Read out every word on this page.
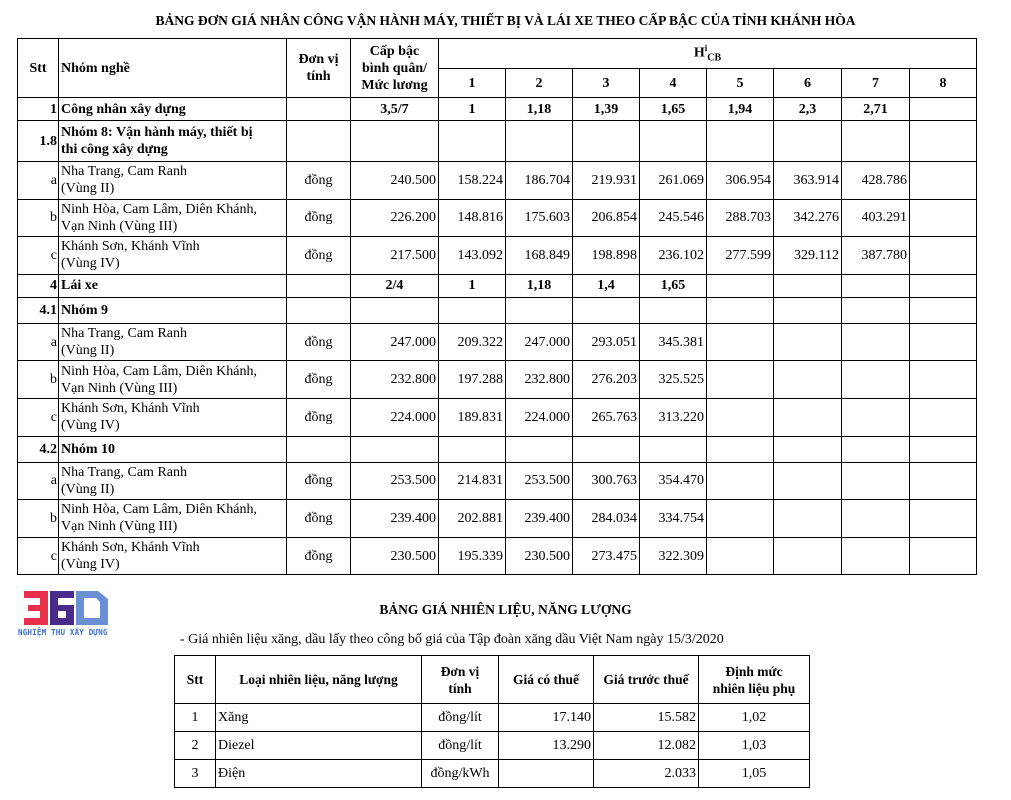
BẢNG ĐƠN GIÁ NHÂN CÔNG VẬN HÀNH MÁY, THIẾT BỊ VÀ LÁI XE THEO CẤP BẬC CỦA TỈNH KHÁNH HÒA
Stt	Nhóm nghề	Đơn vị
tính	Cấp bậc
bình quân/
Mức lương	$H^i_{CB}$
				1	2	3	4	5	6	7	8
1	Công nhân xây dựng		3,5/7	1	1,18	1,39	1,65	1,94	2,3	2,71	
1.8	Nhóm 8: Vận hành máy, thiết bị
thi công xây dựng										
a	Nha Trang, Cam Ranh
(Vùng II)	đồng	240.500	158.224	186.704	219.931	261.069	306.954	363.914	428.786	
b	Ninh Hòa, Cam Lâm, Diên Khánh,
Vạn Ninh (Vùng III)	đồng	226.200	148.816	175.603	206.854	245.546	288.703	342.276	403.291	
c	Khánh Sơn, Khánh Vĩnh
(Vùng IV)	đồng	217.500	143.092	168.849	198.898	236.102	277.599	329.112	387.780	
4	Lái xe		2/4	1	1,18	1,4	1,65				
4.1	Nhóm 9										
a	Nha Trang, Cam Ranh
(Vùng II)	đồng	247.000	209.322	247.000	293.051	345.381				
b	Ninh Hòa, Cam Lâm, Diên Khánh,
Vạn Ninh (Vùng III)	đồng	232.800	197.288	232.800	276.203	325.525				
c	Khánh Sơn, Khánh Vĩnh
(Vùng IV)	đồng	224.000	189.831	224.000	265.763	313.220				
4.2	Nhóm 10										
a	Nha Trang, Cam Ranh
(Vùng II)	đồng	253.500	214.831	253.500	300.763	354.470				
b	Ninh Hòa, Cam Lâm, Diên Khánh,
Vạn Ninh (Vùng III)	đồng	239.400	202.881	239.400	284.034	334.754				
c	Khánh Sơn, Khánh Vĩnh
(Vùng IV)	đồng	230.500	195.339	230.500	273.475	322.309				
NGHIỆM THU XÂY DỰNG
BẢNG GIÁ NHIÊN LIỆU, NĂNG LƯỢNG
- Giá nhiên liệu xăng, dầu lấy theo công bố giá của Tập đoàn xăng dầu Việt Nam ngày 15/3/2020
Stt	Loại nhiên liệu, năng lượng	Đơn vị
tính	Giá có thuế	Giá trước thuế	Định mức
nhiên liệu phụ
1	Xăng	đồng/lít	17.140	15.582	1,02
2	Diezel	đồng/lít	13.290	12.082	1,03
3	Điện	đồng/kWh		2.033	1,05
